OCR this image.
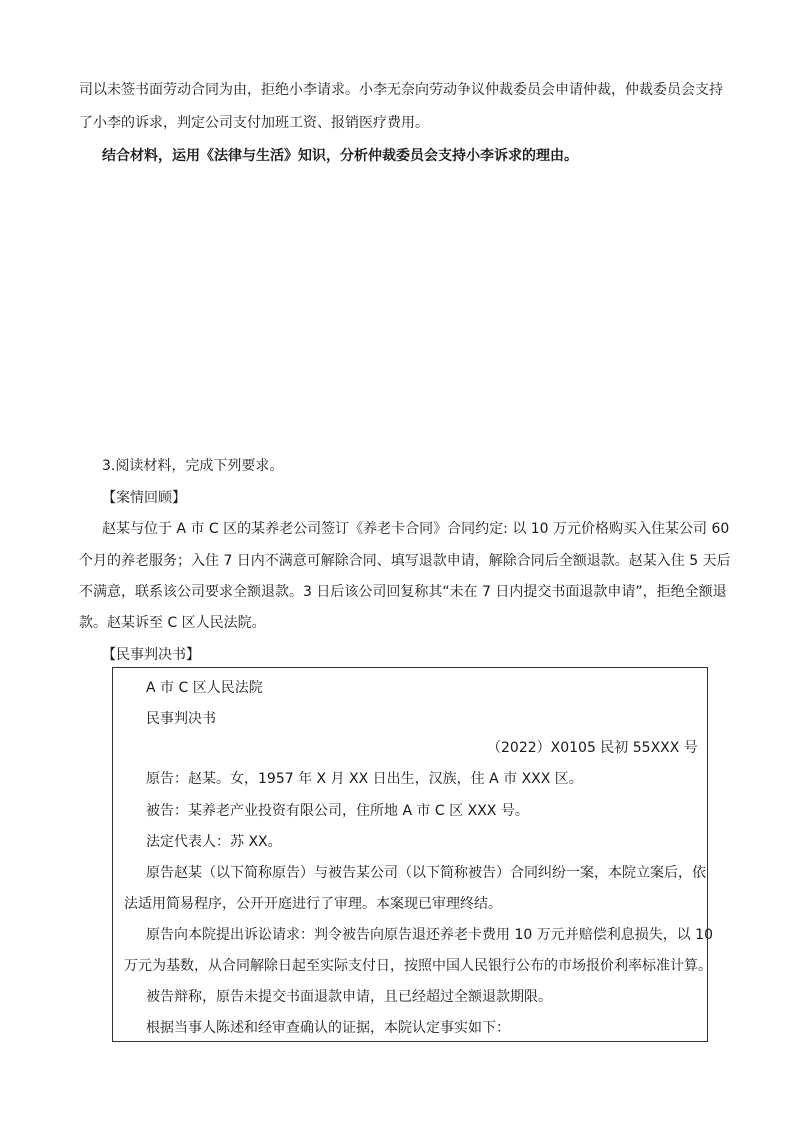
司以未签书面劳动合同为由，拒绝小李请求。小李无奈向劳动争议仲裁委员会申请仲裁，仲裁委员会支持
了小李的诉求，判定公司支付加班工资、报销医疗费用。
结合材料，运用《法律与生活》知识，分析仲裁委员会支持小李诉求的理由。
3.阅读材料，完成下列要求。
【案情回顾】
赵某与位于 A 市 C 区的某养老公司签订《养老卡合同》合同约定: 以 10 万元价格购买入住某公司 60
个月的养老服务；入住 7 日内不满意可解除合同、填写退款申请，解除合同后全额退款。赵某入住 5 天后
不满意，联系该公司要求全额退款。3 日后该公司回复称其“未在 7 日内提交书面退款申请”，拒绝全额退
款。赵某诉至 C 区人民法院。
【民事判决书】
A 市 C 区人民法院
民事判决书
（2022）X0105 民初 55XXX 号
原告：赵某。女，1957 年 X 月 XX 日出生，汉族，住 A 市 XXX 区。
被告：某养老产业投资有限公司，住所地 A 市 C 区 XXX 号。
法定代表人：苏 XX。
原告赵某（以下简称原告）与被告某公司（以下简称被告）合同纠纷一案，本院立案后，依
法适用简易程序，公开开庭进行了审理。本案现已审理终结。
原告向本院提出诉讼请求：判令被告向原告退还养老卡费用 10 万元并赔偿利息损失，以 10
万元为基数，从合同解除日起至实际支付日，按照中国人民银行公布的市场报价利率标准计算。
被告辩称，原告未提交书面退款申请，且已经超过全额退款期限。
根据当事人陈述和经审查确认的证据，本院认定事实如下：
